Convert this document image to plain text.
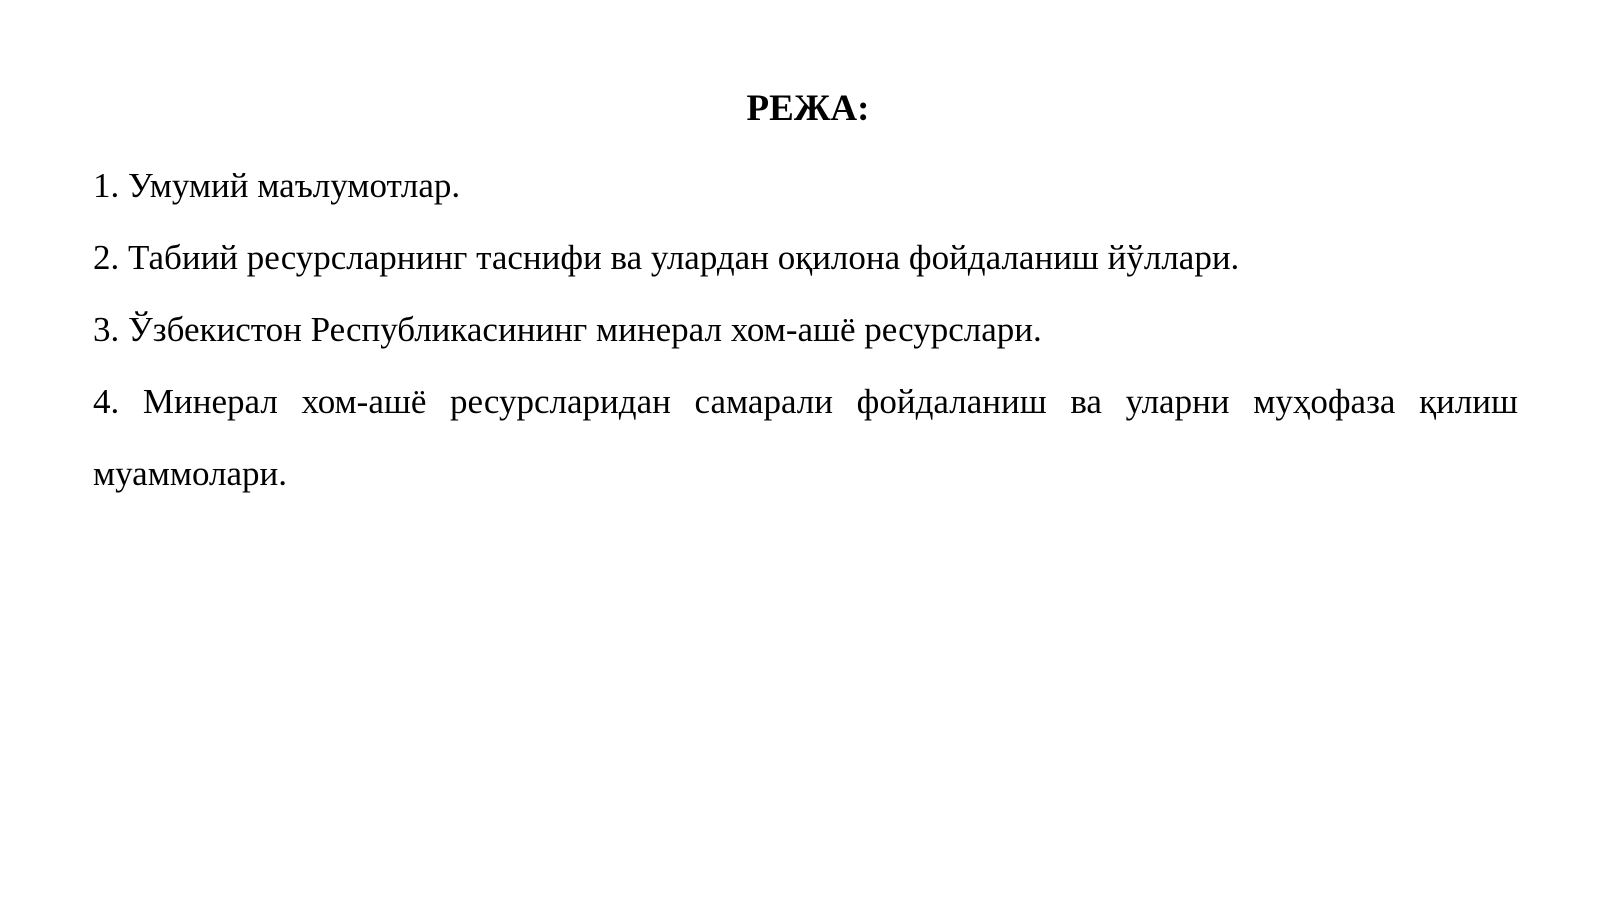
РЕЖА:
1. Умумий маълумотлар.
2. Табиий ресурсларнинг таснифи ва улардан оқилона фойдаланиш йўллари.
3. Ўзбекистон Республикасининг минерал хом-ашё ресурслари.
4. Минерал хом-ашё ресурсларидан самарали фойдаланиш ва уларни муҳофаза қилиш муаммолари.
